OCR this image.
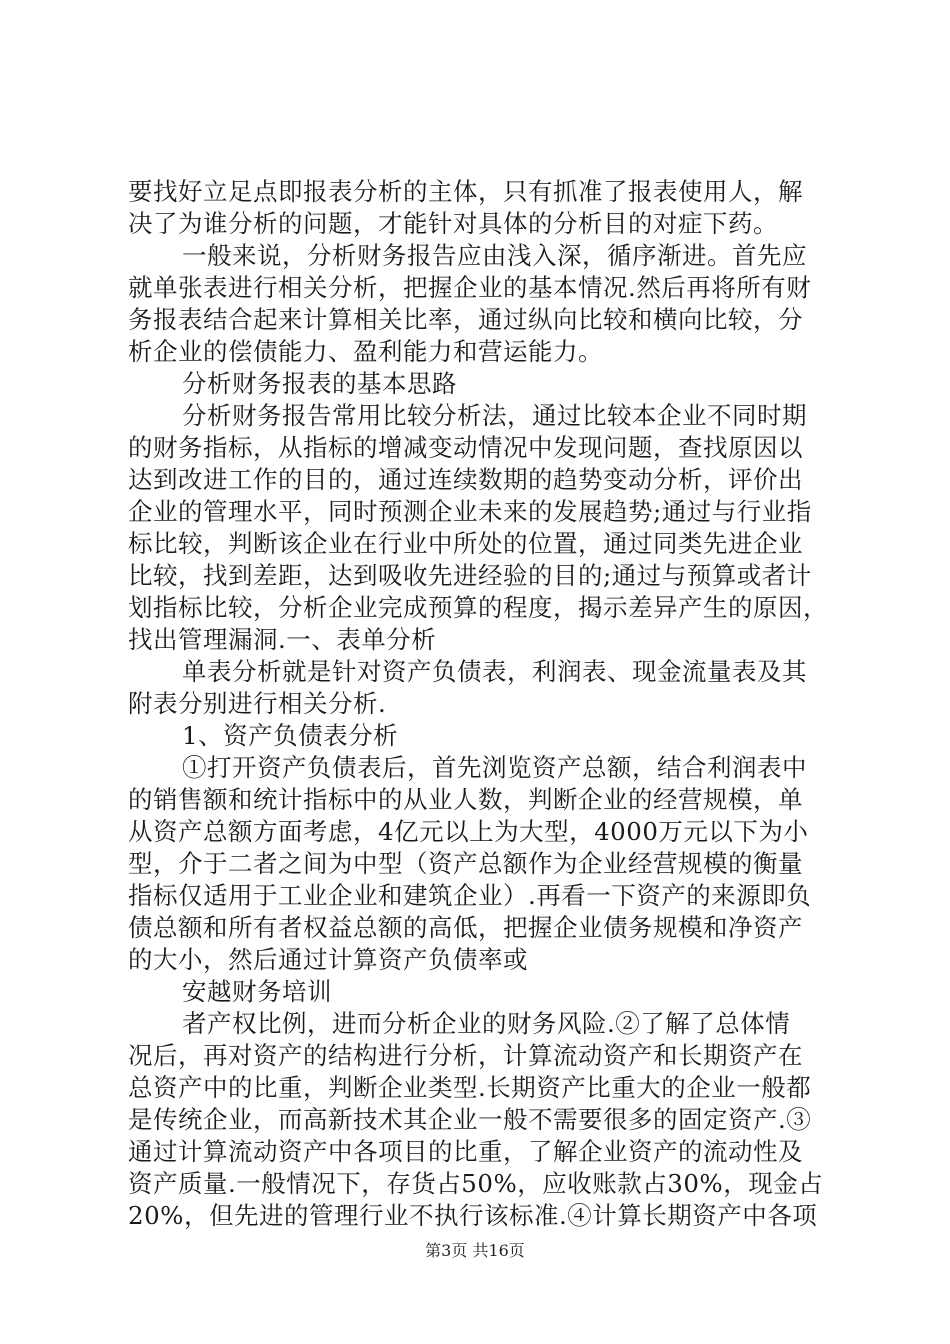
要找好立足点即报表分析的主体，只有抓准了报表使用人，解
决了为谁分析的问题，才能针对具体的分析目的对症下药。
一般来说，分析财务报告应由浅入深，循序渐进。首先应
就单张表进行相关分析，把握企业的基本情况.然后再将所有财
务报表结合起来计算相关比率，通过纵向比较和横向比较，分
析企业的偿债能力、盈利能力和营运能力。
分析财务报表的基本思路
分析财务报告常用比较分析法，通过比较本企业不同时期
的财务指标，从指标的增减变动情况中发现问题，查找原因以
达到改进工作的目的，通过连续数期的趋势变动分析，评价出
企业的管理水平，同时预测企业未来的发展趋势;通过与行业指
标比较，判断该企业在行业中所处的位置，通过同类先进企业
比较，找到差距，达到吸收先进经验的目的;通过与预算或者计
划指标比较，分析企业完成预算的程度，揭示差异产生的原因，
找出管理漏洞.一、表单分析
单表分析就是针对资产负债表，利润表、现金流量表及其
附表分别进行相关分析.
1、资产负债表分析
①打开资产负债表后，首先浏览资产总额，结合利润表中
的销售额和统计指标中的从业人数，判断企业的经营规模，单
从资产总额方面考虑，4亿元以上为大型，4000万元以下为小
型，介于二者之间为中型（资产总额作为企业经营规模的衡量
指标仅适用于工业企业和建筑企业）.再看一下资产的来源即负
债总额和所有者权益总额的高低，把握企业债务规模和净资产
的大小，然后通过计算资产负债率或
安越财务培训
者产权比例，进而分析企业的财务风险.②了解了总体情
况后，再对资产的结构进行分析，计算流动资产和长期资产在
总资产中的比重，判断企业类型.长期资产比重大的企业一般都
是传统企业，而高新技术其企业一般不需要很多的固定资产.③
通过计算流动资产中各项目的比重，了解企业资产的流动性及
第3页 共16页
资产质量.一般情况下，存货占50%，应收账款占30%，现金占
20%，但先进的管理行业不执行该标准.④计算长期资产中各项
